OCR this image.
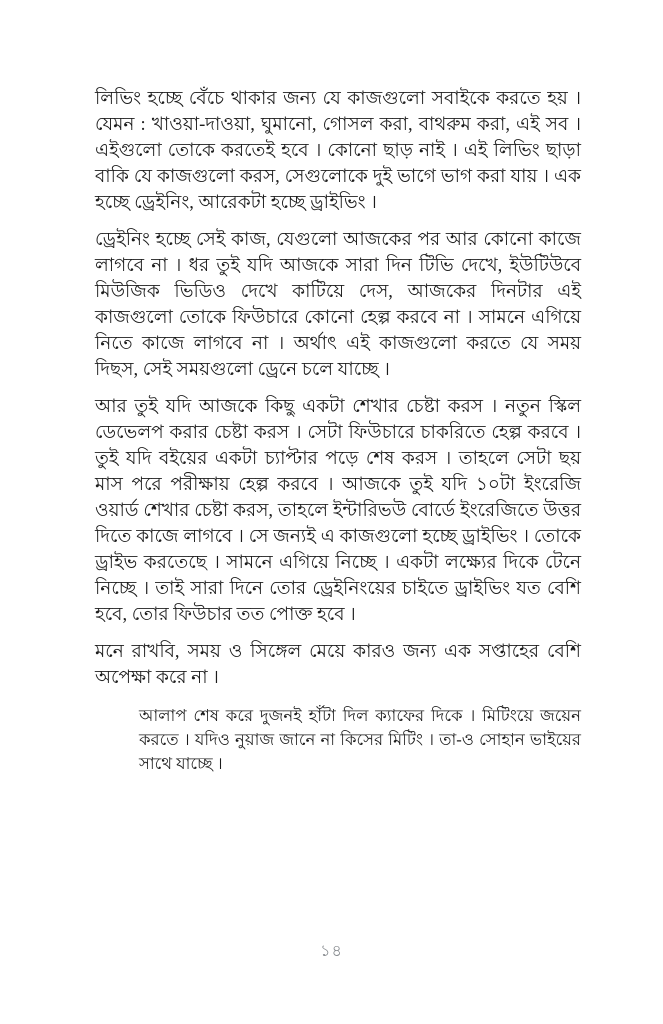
লিভিং হচ্ছে বেঁচে থাকার জন্য যে কাজগুলো সবাইকে করতে হয় । যেমন : খাওয়া-দাওয়া, ঘুমানো, গোসল করা, বাথরুম করা, এই সব । এইগুলো তোকে করতেই হবে । কোনো ছাড় নাই । এই লিভিং ছাড়া বাকি যে কাজগুলো করস, সেগুলোকে দুই ভাগে ভাগ করা যায় । এক হচ্ছে ড্রেইনিং, আরেকটা হচ্ছে ড্রাইভিং ।

ড্রেইনিং হচ্ছে সেই কাজ, যেগুলো আজকের পর আর কোনো কাজে লাগবে না । ধর তুই যদি আজকে সারা দিন টিভি দেখে, ইউটিউবে মিউজিক ভিডিও দেখে কাটিয়ে দেস, আজকের দিনটার এই কাজগুলো তোকে ফিউচারে কোনো হেল্প করবে না । সামনে এগিয়ে নিতে কাজে লাগবে না । অর্থাৎ এই কাজগুলো করতে যে সময় দিছস, সেই সময়গুলো ড্রেনে চলে যাচ্ছে ।

আর তুই যদি আজকে কিছু একটা শেখার চেষ্টা করস । নতুন স্কিল ডেভেলপ করার চেষ্টা করস । সেটা ফিউচারে চাকরিতে হেল্প করবে । তুই যদি বইয়ের একটা চ্যাপ্টার পড়ে শেষ করস । তাহলে সেটা ছয় মাস পরে পরীক্ষায় হেল্প করবে । আজকে তুই যদি ১০টা ইংরেজি ওয়ার্ড শেখার চেষ্টা করস, তাহলে ইন্টারিভউ বোর্ডে ইংরেজিতে উত্তর দিতে কাজে লাগবে । সে জন্যই এ কাজগুলো হচ্ছে ড্রাইভিং । তোকে ড্রাইভ করতেছে । সামনে এগিয়ে নিচ্ছে । একটা লক্ষ্যের দিকে টেনে নিচ্ছে । তাই সারা দিনে তোর ড্রেইনিংয়ের চাইতে ড্রাইভিং যত বেশি হবে, তোর ফিউচার তত পোক্ত হবে ।

মনে রাখবি, সময় ও সিঙ্গেল মেয়ে কারও জন্য এক সপ্তাহের বেশি অপেক্ষা করে না ।

আলাপ শেষ করে দুজনই হাঁটা দিল ক্যাফের দিকে । মিটিংয়ে জয়েন করতে । যদিও নুয়াজ জানে না কিসের মিটিং । তা-ও সোহান ভাইয়ের সাথে যাচ্ছে ।

১৪
